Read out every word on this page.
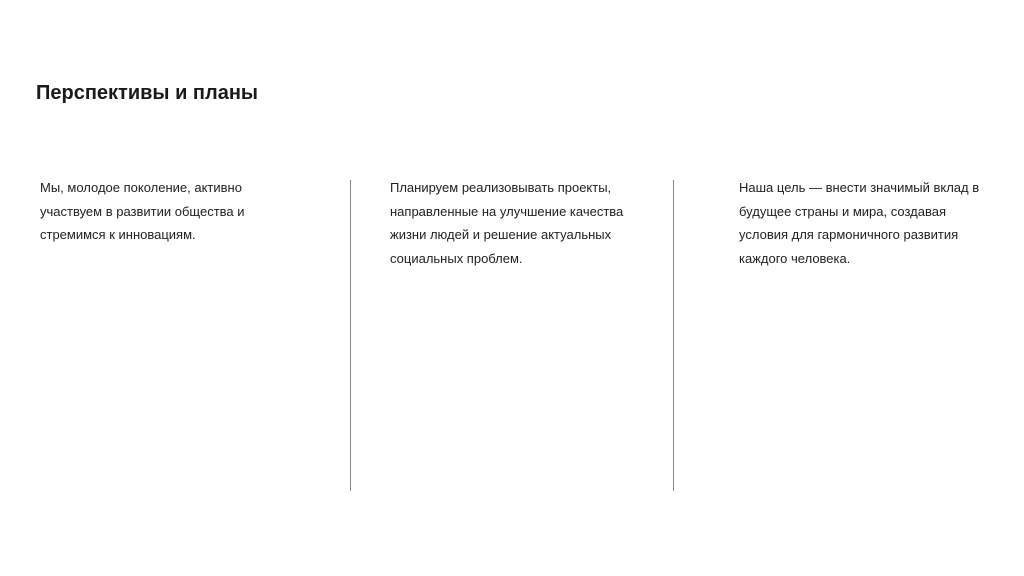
Перспективы и планы
Мы, молодое поколение, активно
участвуем в развитии общества и
стремимся к инновациям.
Планируем реализовывать проекты,
направленные на улучшение качества
жизни людей и решение актуальных
социальных проблем.
Наша цель — внести значимый вклад в
будущее страны и мира, создавая
условия для гармоничного развития
каждого человека.
